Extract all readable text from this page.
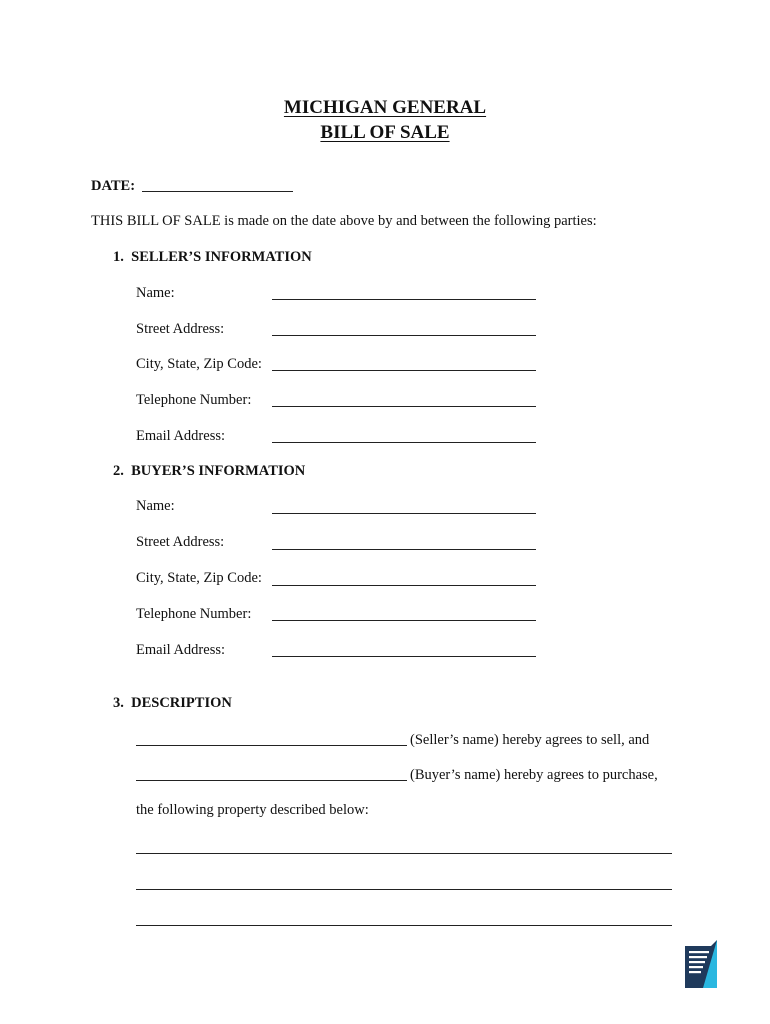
MICHIGAN GENERAL
BILL OF SALE
DATE:
THIS BILL OF SALE is made on the date above by and between the following parties:
1.  SELLER’S INFORMATION
Name:
Street Address:
City, State, Zip Code:
Telephone Number:
Email Address:
2.  BUYER’S INFORMATION
Name:
Street Address:
City, State, Zip Code:
Telephone Number:
Email Address:
3.  DESCRIPTION
(Seller’s name) hereby agrees to sell, and
(Buyer’s name) hereby agrees to purchase,
the following property described below:
